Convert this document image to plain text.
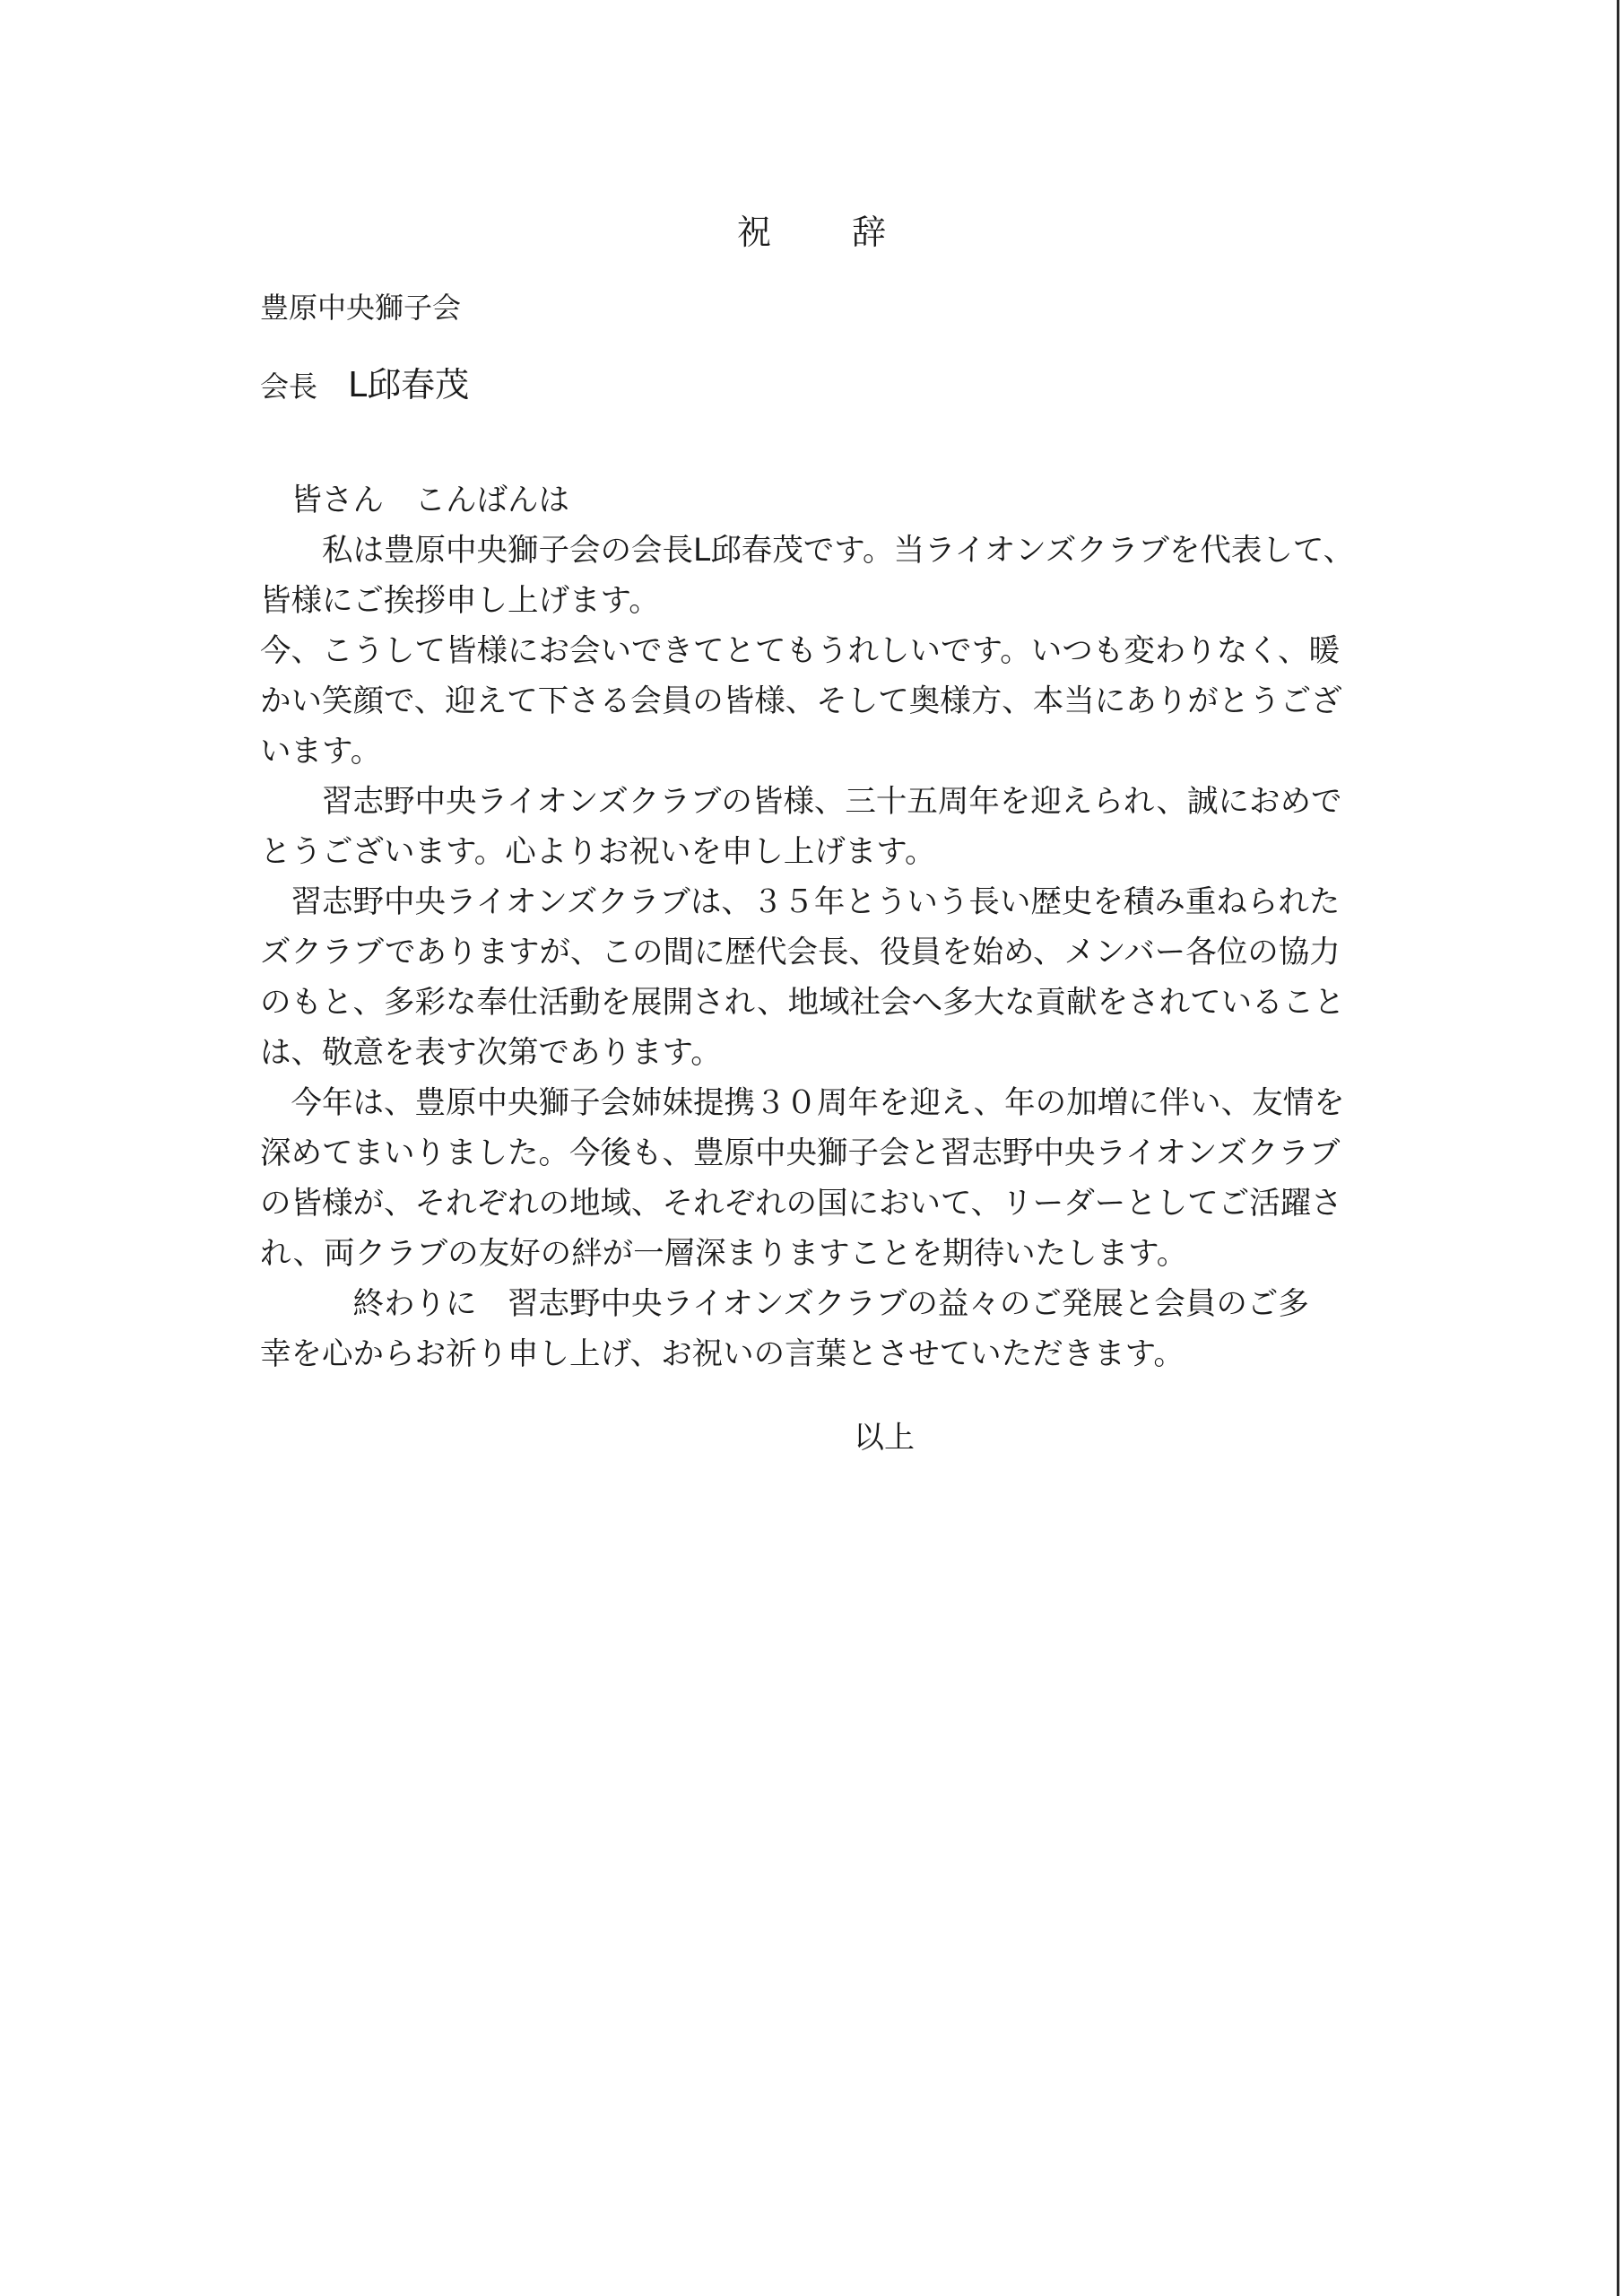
祝 辞
豊原中央獅子会
会長 L邱春茂

　皆さん　こんばんは

　　私は豊原中央獅子会の会長L邱春茂です。当ライオンズクラブを代表して、

皆様にご挨拶申し上げます。

今、こうして皆様にお会いできてとてもうれしいです。いつも変わりなく、暖

かい笑顔で、迎えて下さる会員の皆様、そして奥様方、本当にありがとうござ

います。

　　習志野中央ライオンズクラブの皆様、三十五周年を迎えられ、誠におめで

とうございます。心よりお祝いを申し上げます。

　習志野中央ライオンズクラブは、３５年とういう長い歴史を積み重ねられた

ズクラブでありますが、この間に歴代会長、役員を始め、メンバー各位の協力

のもと、多彩な奉仕活動を展開され、地域社会へ多大な貢献をされていること

は、敬意を表す次第であります。

　今年は、豊原中央獅子会姉妹提携３０周年を迎え、年の加増に伴い、友情を

深めてまいりました。今後も、豊原中央獅子会と習志野中央ライオンズクラブ

の皆様が、それぞれの地域、それぞれの国において、リーダーとしてご活躍さ

れ、両クラブの友好の絆が一層深まりますことを期待いたします。

　　　終わりに　習志野中央ライオンズクラブの益々のご発展と会員のご多

幸を心からお祈り申し上げ、お祝いの言葉とさせていただきます。

以上
